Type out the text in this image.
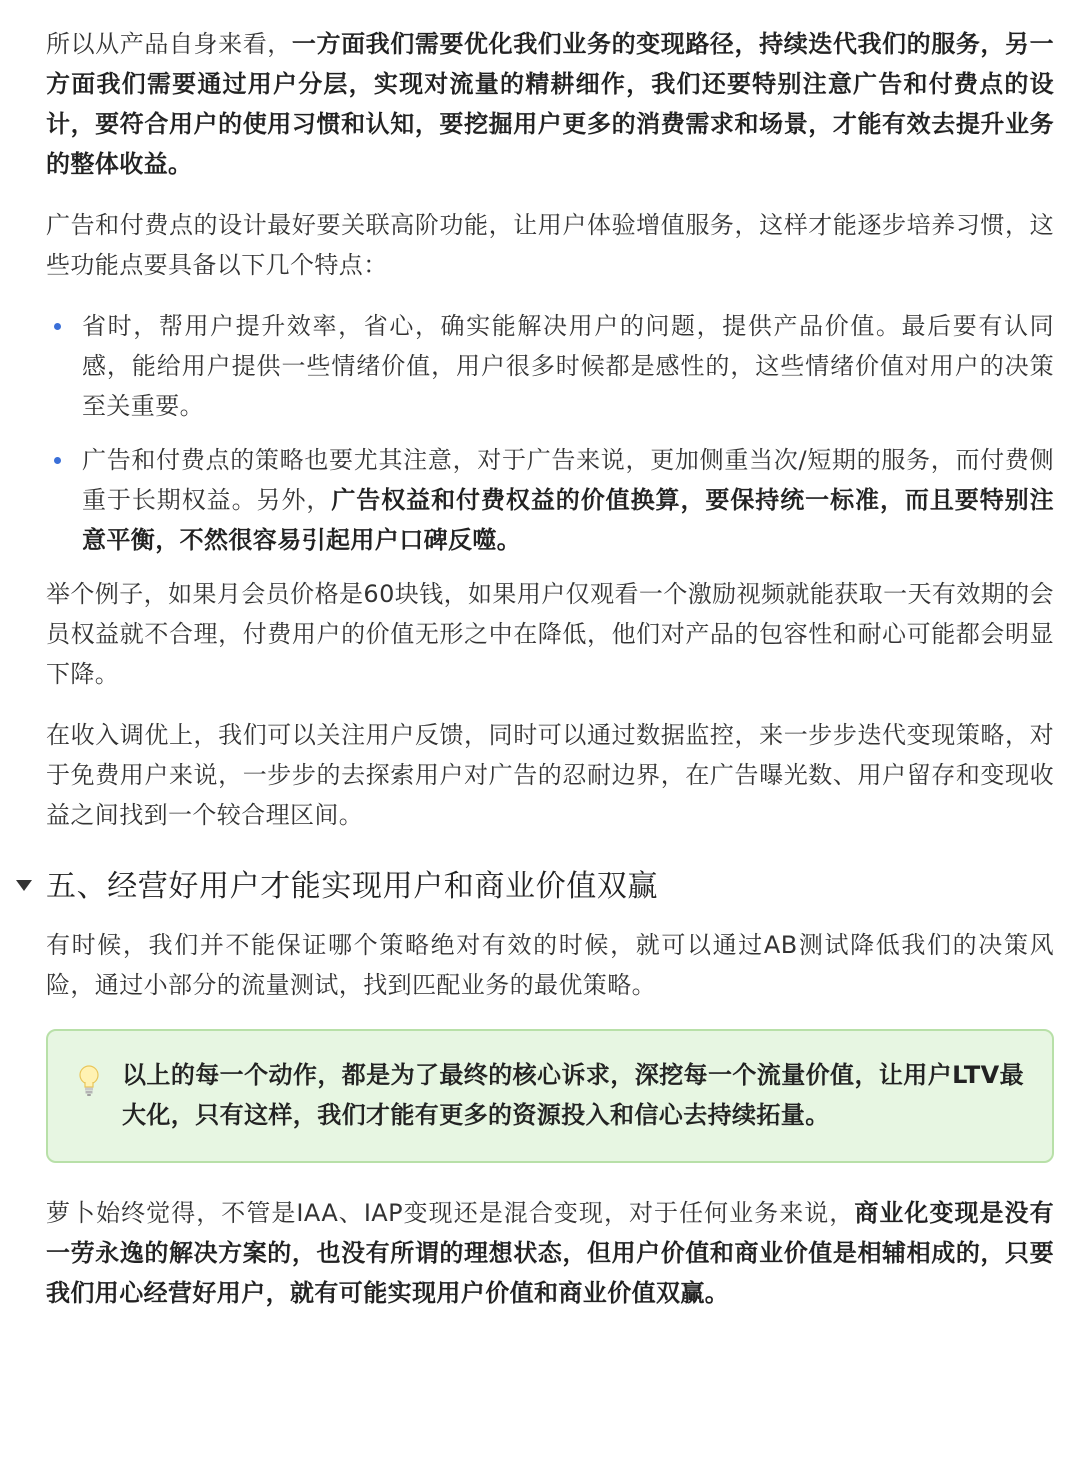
所以从产品自身来看，一方面我们需要优化我们业务的变现路径，持续迭代我们的服务，另一方面我们需要通过用户分层，实现对流量的精耕细作，我们还要特别注意广告和付费点的设计，要符合用户的使用习惯和认知，要挖掘用户更多的消费需求和场景，才能有效去提升业务的整体收益。

广告和付费点的设计最好要关联高阶功能，让用户体验增值服务，这样才能逐步培养习惯，这些功能点要具备以下几个特点：

省时，帮用户提升效率，省心，确实能解决用户的问题，提供产品价值。最后要有认同感，能给用户提供一些情绪价值，用户很多时候都是感性的，这些情绪价值对用户的决策至关重要。
广告和付费点的策略也要尤其注意，对于广告来说，更加侧重当次/短期的服务，而付费侧重于长期权益。另外，广告权益和付费权益的价值换算，要保持统一标准，而且要特别注意平衡，不然很容易引起用户口碑反噬。

举个例子，如果月会员价格是60块钱，如果用户仅观看一个激励视频就能获取一天有效期的会员权益就不合理，付费用户的价值无形之中在降低，他们对产品的包容性和耐心可能都会明显下降。

在收入调优上，我们可以关注用户反馈，同时可以通过数据监控，来一步步迭代变现策略，对于免费用户来说，一步步的去探索用户对广告的忍耐边界，在广告曝光数、用户留存和变现收益之间找到一个较合理区间。

五、经营好用户才能实现用户和商业价值双赢

有时候，我们并不能保证哪个策略绝对有效的时候，就可以通过AB测试降低我们的决策风险，通过小部分的流量测试，找到匹配业务的最优策略。

以上的每一个动作，都是为了最终的核心诉求，深挖每一个流量价值，让用户LTV最大化，只有这样，我们才能有更多的资源投入和信心去持续拓量。

萝卜始终觉得，不管是IAA、IAP变现还是混合变现，对于任何业务来说，商业化变现是没有一劳永逸的解决方案的，也没有所谓的理想状态，但用户价值和商业价值是相辅相成的，只要我们用心经营好用户，就有可能实现用户价值和商业价值双赢。
